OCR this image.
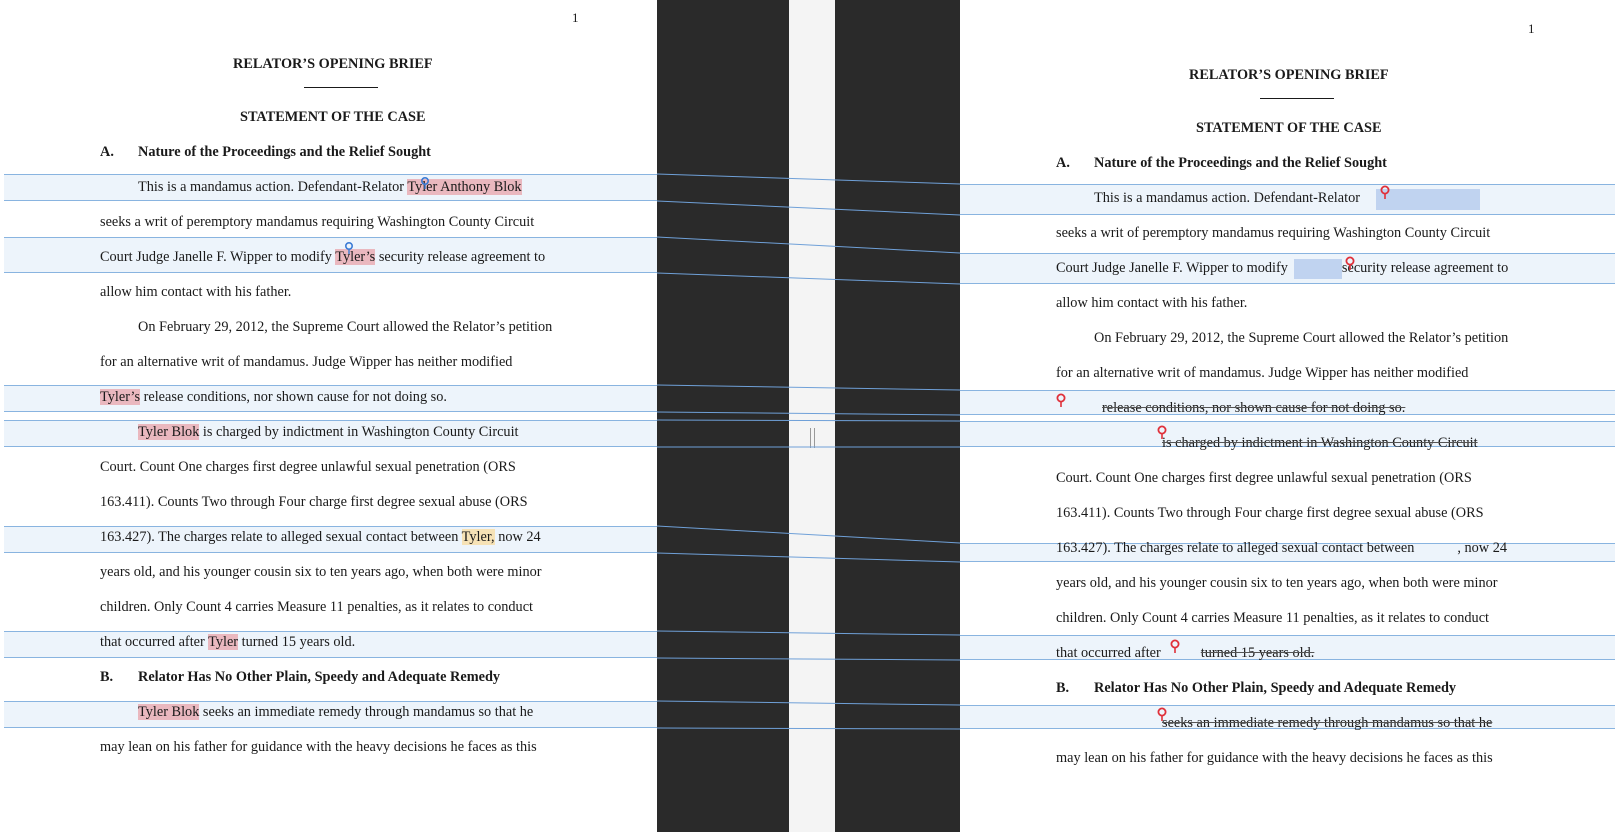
1
RELATOR’S OPENING BRIEF
STATEMENT OF THE CASE
A. Nature of the Proceedings and the Relief Sought
This is a mandamus action. Defendant-Relator Tyler Anthony Blok
seeks a writ of peremptory mandamus requiring Washington County Circuit
Court Judge Janelle F. Wipper to modify Tyler’s security release agreement to
allow him contact with his father.
On February 29, 2012, the Supreme Court allowed the Relator’s petition
for an alternative writ of mandamus. Judge Wipper has neither modified
Tyler’s release conditions, nor shown cause for not doing so.
Tyler Blok is charged by indictment in Washington County Circuit
Court. Count One charges first degree unlawful sexual penetration (ORS
163.411). Counts Two through Four charge first degree sexual abuse (ORS
163.427). The charges relate to alleged sexual contact between Tyler, now 24
years old, and his younger cousin six to ten years ago, when both were minor
children. Only Count 4 carries Measure 11 penalties, as it relates to conduct
that occurred after Tyler turned 15 years old.
B. Relator Has No Other Plain, Speedy and Adequate Remedy
Tyler Blok seeks an immediate remedy through mandamus so that he
may lean on his father for guidance with the heavy decisions he faces as this
1
RELATOR’S OPENING BRIEF
STATEMENT OF THE CASE
A. Nature of the Proceedings and the Relief Sought
This is a mandamus action. Defendant-Relator
seeks a writ of peremptory mandamus requiring Washington County Circuit
Court Judge Janelle F. Wipper to modify	security release agreement to
allow him contact with his father.
On February 29, 2012, the Supreme Court allowed the Relator’s petition
for an alternative writ of mandamus. Judge Wipper has neither modified
release conditions, nor shown cause for not doing so.
is charged by indictment in Washington County Circuit
Court. Count One charges first degree unlawful sexual penetration (ORS
163.411). Counts Two through Four charge first degree sexual abuse (ORS
163.427). The charges relate to alleged sexual contact between	, now 24
years old, and his younger cousin six to ten years ago, when both were minor
children. Only Count 4 carries Measure 11 penalties, as it relates to conduct
that occurred after	turned 15 years old.
B. Relator Has No Other Plain, Speedy and Adequate Remedy
seeks an immediate remedy through mandamus so that he
may lean on his father for guidance with the heavy decisions he faces as this
